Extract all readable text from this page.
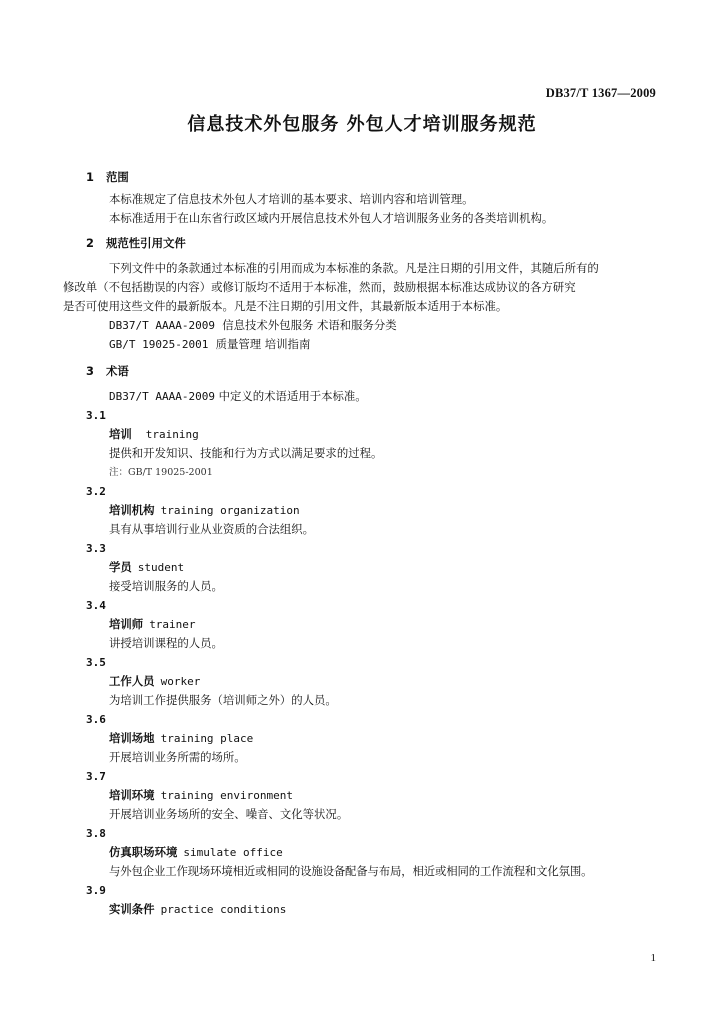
DB37/T 1367—2009
信息技术外包服务 外包人才培训服务规范
1 范围
本标准规定了信息技术外包人才培训的基本要求、培训内容和培训管理。
本标准适用于在山东省行政区域内开展信息技术外包人才培训服务业务的各类培训机构。
2 规范性引用文件
下列文件中的条款通过本标准的引用而成为本标准的条款。凡是注日期的引用文件，其随后所有的
修改单（不包括勘误的内容）或修订版均不适用于本标准，然而，鼓励根据本标准达成协议的各方研究
是否可使用这些文件的最新版本。凡是不注日期的引用文件，其最新版本适用于本标准。
DB37/T AAAA-2009 信息技术外包服务 术语和服务分类
GB/T 19025-2001 质量管理 培训指南
3 术语
DB37/T AAAA-2009 中定义的术语适用于本标准。
3.1
培训 training
提供和开发知识、技能和行为方式以满足要求的过程。
注：GB/T 19025-2001
3.2
培训机构 training organization
具有从事培训行业从业资质的合法组织。
3.3
学员 student
接受培训服务的人员。
3.4
培训师 trainer
讲授培训课程的人员。
3.5
工作人员 worker
为培训工作提供服务（培训师之外）的人员。
3.6
培训场地 training place
开展培训业务所需的场所。
3.7
培训环境 training environment
开展培训业务场所的安全、噪音、文化等状况。
3.8
仿真职场环境 simulate office
与外包企业工作现场环境相近或相同的设施设备配备与布局，相近或相同的工作流程和文化氛围。
3.9
实训条件 practice conditions
1
